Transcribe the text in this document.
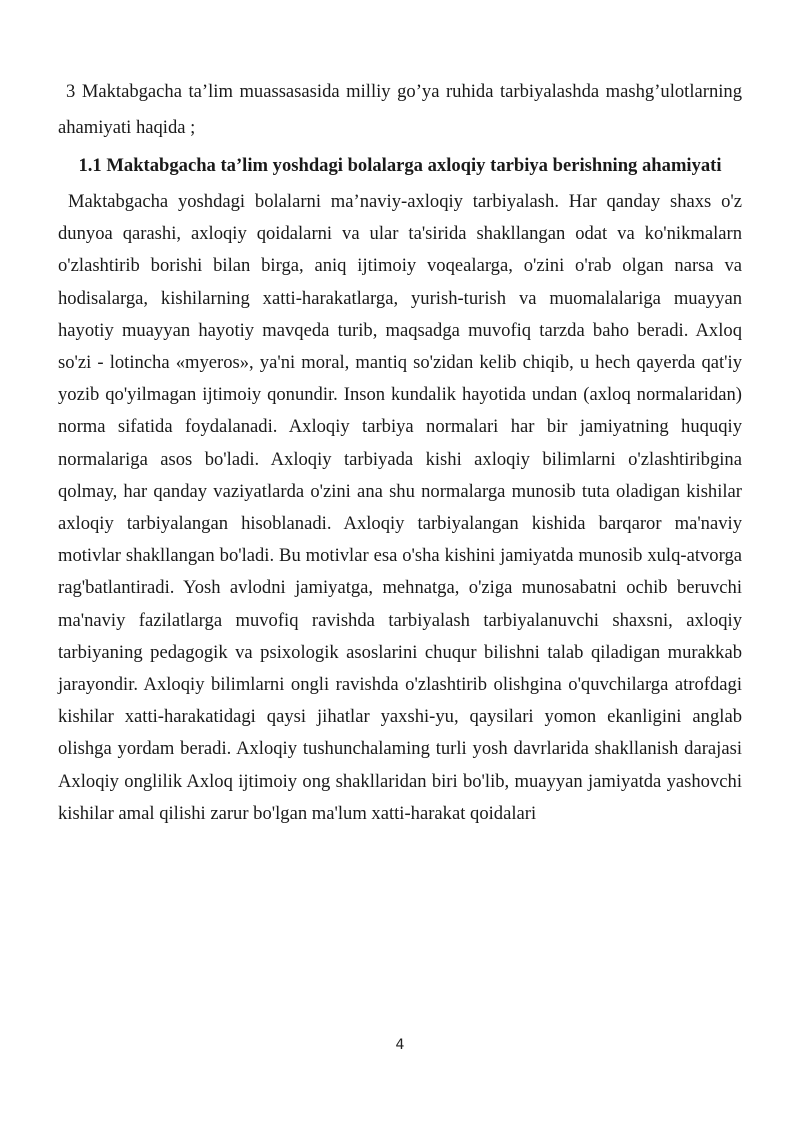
3 Maktabgacha ta’lim muassasasida milliy go’ya ruhida tarbiyalashda mashg’ulotlarning ahamiyati haqida ;

1.1 Maktabgacha ta’lim yoshdagi bolalarga axloqiy tarbiya berishning ahamiyati

Maktabgacha yoshdagi bolalarni ma’naviy-axloqiy tarbiyalash. Har qanday shaxs o'z dunyoa qarashi, axloqiy qoidalarni va ular ta'sirida shakllangan odat va ko'nikmalarn o'zlashtirib borishi bilan birga, aniq ijtimoiy voqealarga, o'zini o'rab olgan narsa va hodisalarga, kishilarning xatti-harakatlarga, yurish-turish va muomalalariga muayyan hayotiy muayyan hayotiy mavqeda turib, maqsadga muvofiq tarzda baho beradi. Axloq so'zi - lotincha «myeros», ya'ni moral, mantiq so'zidan kelib chiqib, u hech qayerda qat'iy yozib qo'yilmagan ijtimoiy qonundir. Inson kundalik hayotida undan (axloq normalaridan) norma sifatida foydalanadi. Axloqiy tarbiya normalari har bir jamiyatning huquqiy normalariga asos bo'ladi. Axloqiy tarbiyada kishi axloqiy bilimlarni o'zlashtiribgina qolmay, har qanday vaziyatlarda o'zini ana shu normalarga munosib tuta oladigan kishilar axloqiy tarbiyalangan hisoblanadi. Axloqiy tarbiyalangan kishida barqaror ma'naviy motivlar shakllangan bo'ladi. Bu motivlar esa o'sha kishini jamiyatda munosib xulq-atvorga rag'batlantiradi. Yosh avlodni jamiyatga, mehnatga, o'ziga munosabatni ochib beruvchi ma'naviy fazilatlarga muvofiq ravishda tarbiyalash tarbiyalanuvchi shaxsni, axloqiy tarbiyaning pedagogik va psixologik asoslarini chuqur bilishni talab qiladigan murakkab jarayondir. Axloqiy bilimlarni ongli ravishda o'zlashtirib olishgina o'quvchilarga atrofdagi kishilar xatti-harakatidagi qaysi jihatlar yaxshi-yu, qaysilari yomon ekanligini anglab olishga yordam beradi. Axloqiy tushunchalaming turli yosh davrlarida shakllanish darajasi Axloqiy onglilik Axloq ijtimoiy ong shakllaridan biri bo'lib, muayyan jamiyatda yashovchi kishilar amal qilishi zarur bo'lgan ma'lum xatti-harakat qoidalari

4
